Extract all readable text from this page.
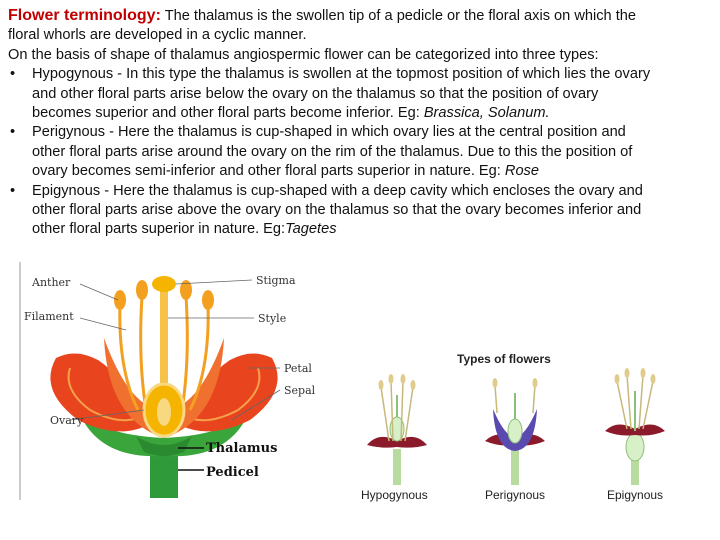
Flower terminology: The thalamus is the swollen tip of a pedicle or the floral axis on which the
floral whorls are developed in a cyclic manner.
On the basis of shape of thalamus angiospermic flower can be categorized into three types:
•	Hypogynous - In this type the thalamus is swollen at the topmost position of which lies the ovary
and other floral parts arise below the ovary on the thalamus so that the position of ovary
becomes superior and other floral parts become inferior. Eg: Brassica, Solanum.
•	Perigynous - Here the thalamus is cup-shaped in which ovary lies at the central position and
other floral parts arise around the ovary on the rim of the thalamus. Due to this the position of
ovary becomes semi-inferior and other floral parts superior in nature. Eg: Rose
•	Epigynous - Here the thalamus is cup-shaped with a deep cavity which encloses the ovary and
other floral parts arise above the ovary on the thalamus so that the ovary becomes inferior and
other floral parts superior in nature. Eg:Tagetes
Anther
Filament
Ovary
Stigma
Style
Petal
Sepal
Thalamus
Pedicel
Types of flowers
Hypogynous	Perigynous	Epigynous
